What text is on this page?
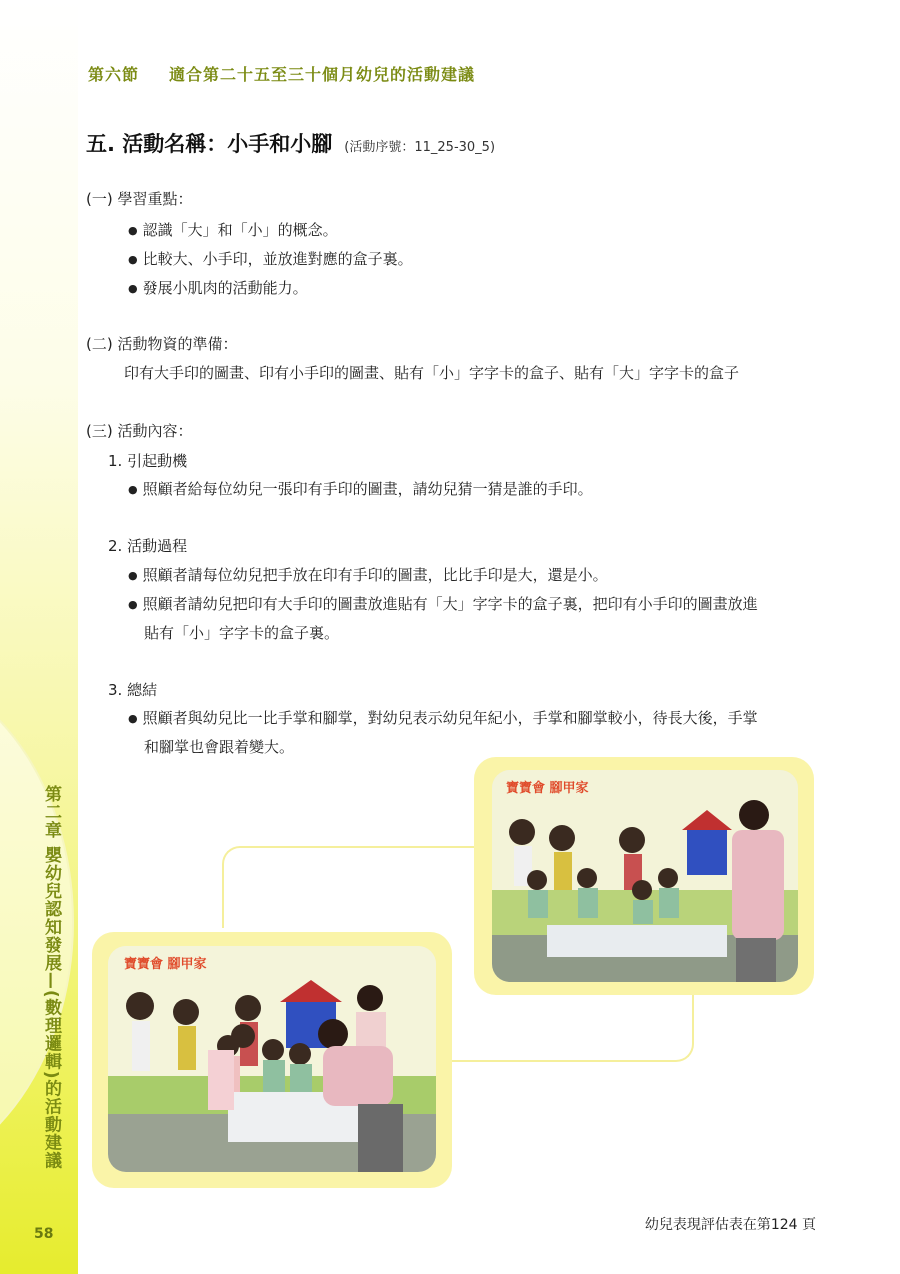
第二章 嬰幼兒認知發展—(數理邏輯)的活動建議
58
第六節 適合第二十五至三十個月幼兒的活動建議
五. 活動名稱：小手和小腳 (活動序號：11_25-30_5)
(一) 學習重點：
● 認識「大」和「小」的概念。
● 比較大、小手印，並放進對應的盒子裏。
● 發展小肌肉的活動能力。
(二) 活動物資的準備：
印有大手印的圖畫、印有小手印的圖畫、貼有「小」字字卡的盒子、貼有「大」字字卡的盒子
(三) 活動內容：
1. 引起動機
● 照顧者給每位幼兒一張印有手印的圖畫，請幼兒猜一猜是誰的手印。
2. 活動過程
● 照顧者請每位幼兒把手放在印有手印的圖畫，比比手印是大，還是小。
● 照顧者請幼兒把印有大手印的圖畫放進貼有「大」字字卡的盒子裏，把印有小手印的圖畫放進
貼有「小」字字卡的盒子裏。
3. 總結
● 照顧者與幼兒比一比手掌和腳掌，對幼兒表示幼兒年紀小，手掌和腳掌較小，待長大後，手掌
和腳掌也會跟着變大。
寶寶會 腳甲家
寶寶會 腳甲家
幼兒表現評估表在第124 頁
